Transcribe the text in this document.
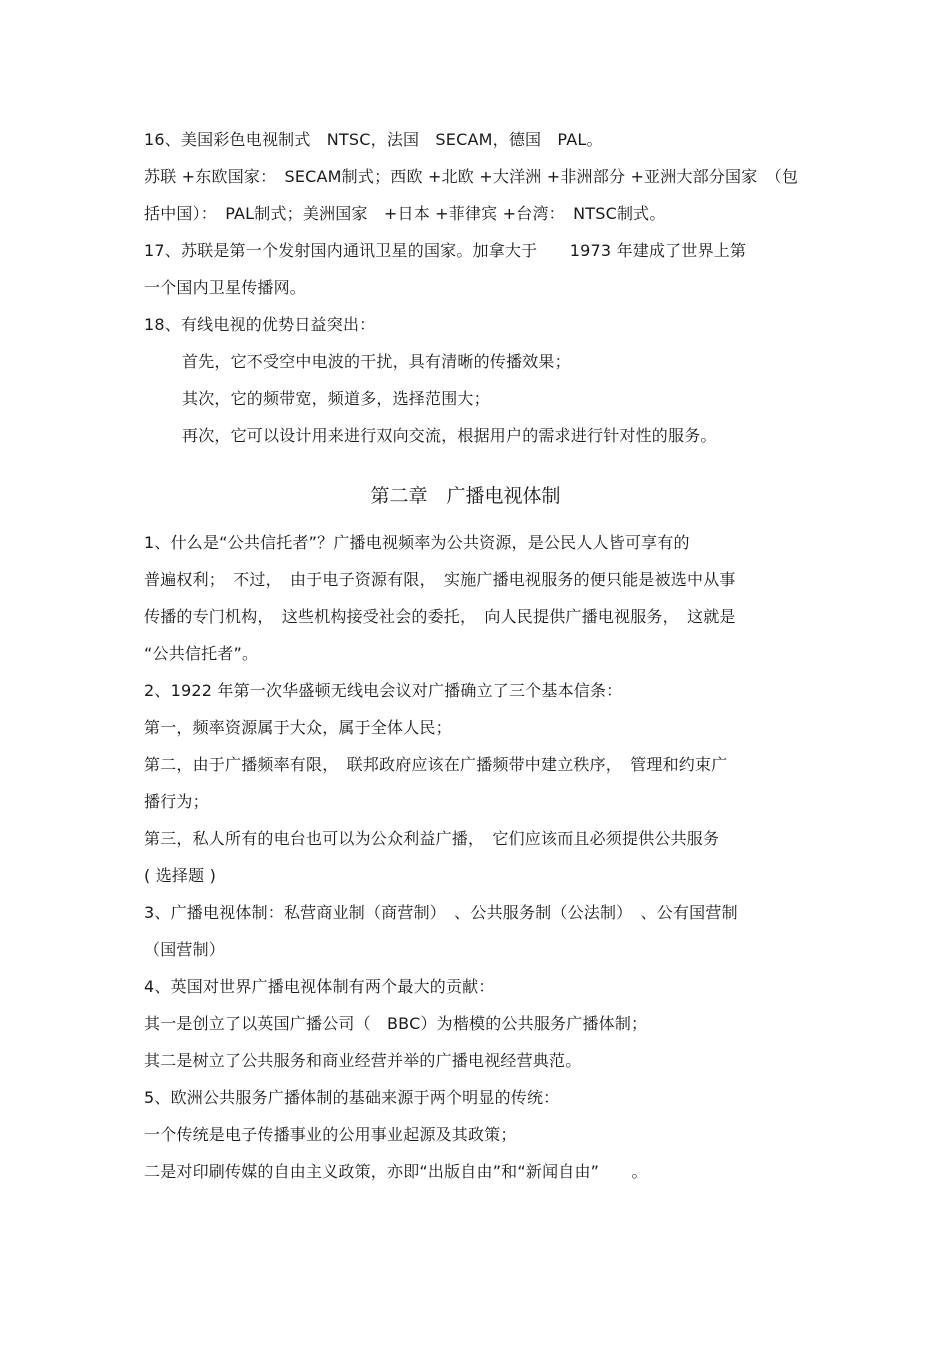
16、美国彩色电视制式　NTSC，法国　SECAM，德国　PAL。
苏联 +东欧国家：　SECAM制式；西欧 +北欧 +大洋洲 +非洲部分 +亚洲大部分国家　（包
括中国）：　PAL制式；美洲国家　+日本 +菲律宾 +台湾：　NTSC制式。
17、苏联是第一个发射国内通讯卫星的国家。加拿大于　　1973 年建成了世界上第
一个国内卫星传播网。
18、有线电视的优势日益突出：
首先，它不受空中电波的干扰，具有清晰的传播效果；
其次，它的频带宽，频道多，选择范围大；
再次，它可以设计用来进行双向交流，根据用户的需求进行针对性的服务。
第二章　广播电视体制
1、什么是“公共信托者”？广播电视频率为公共资源，是公民人人皆可享有的
普遍权利；　不过，　由于电子资源有限，　实施广播电视服务的便只能是被选中从事
传播的专门机构，　这些机构接受社会的委托，　向人民提供广播电视服务，　这就是
“公共信托者”。
2、1922 年第一次华盛顿无线电会议对广播确立了三个基本信条：
第一，频率资源属于大众，属于全体人民；
第二，由于广播频率有限，　联邦政府应该在广播频带中建立秩序，　管理和约束广
播行为；
第三，私人所有的电台也可以为公众利益广播，　它们应该而且必须提供公共服务
( 选择题 )
3、广播电视体制：私营商业制（商营制）　、公共服务制（公法制）　、公有国营制
（国营制）
4、英国对世界广播电视体制有两个最大的贡献：
其一是创立了以英国广播公司（　BBC）为楷模的公共服务广播体制；
其二是树立了公共服务和商业经营并举的广播电视经营典范。
5、欧洲公共服务广播体制的基础来源于两个明显的传统：
一个传统是电子传播事业的公用事业起源及其政策；
二是对印刷传媒的自由主义政策，亦即“出版自由”和“新闻自由”　　。
